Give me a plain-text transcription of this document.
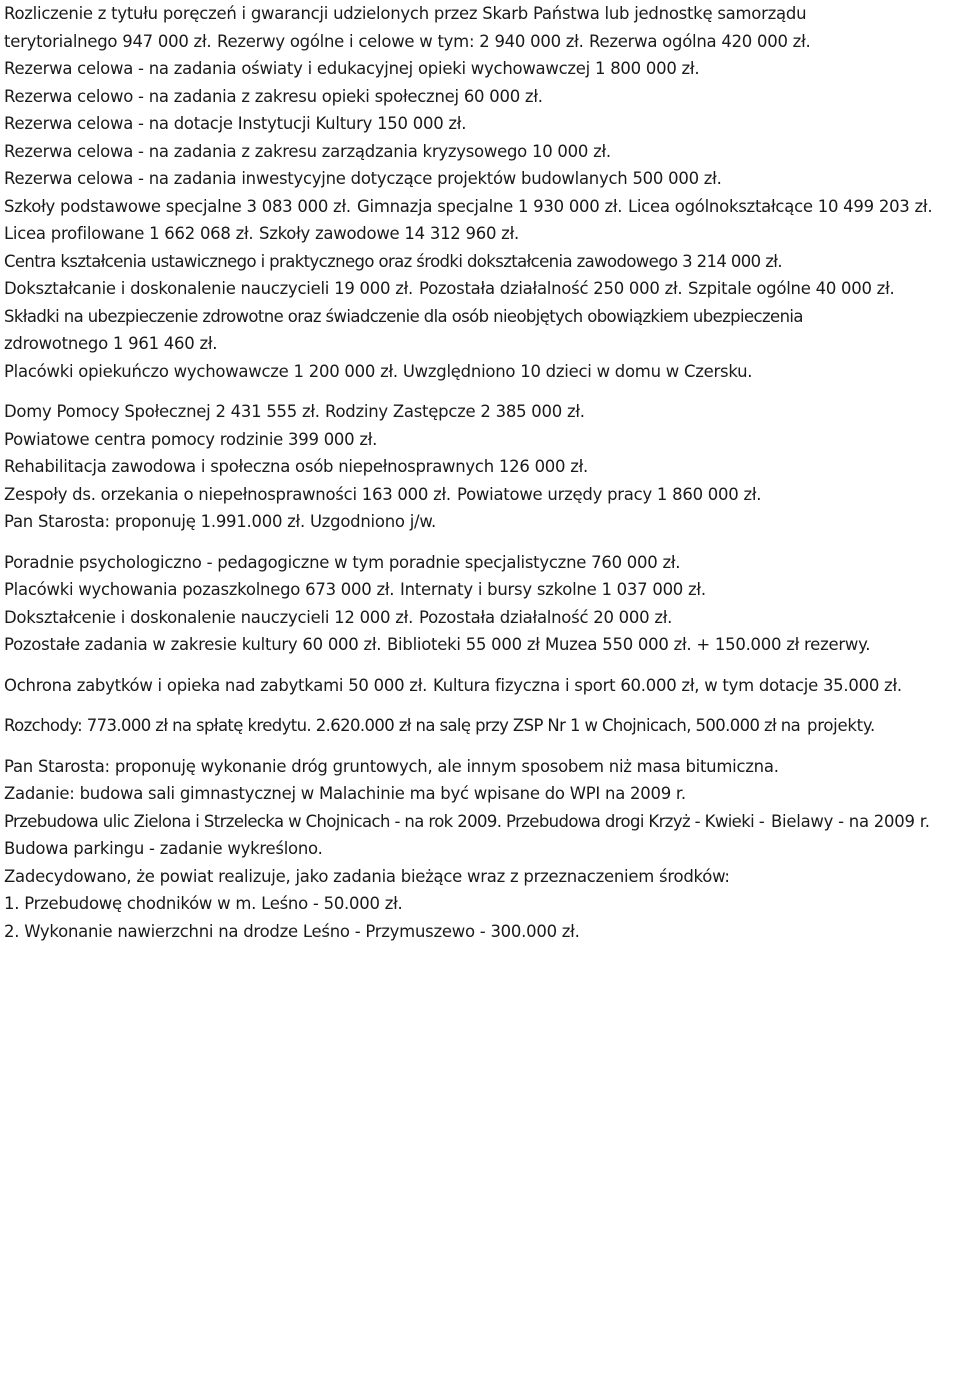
Rozliczenie z tytułu poręczeń i gwarancji udzielonych przez Skarb Państwa lub jednostkę samorządu terytorialnego 947 000 zł. Rezerwy ogólne i celowe w tym: 2 940 000 zł. Rezerwa ogólna 420 000 zł. Rezerwa celowa - na zadania oświaty i edukacyjnej opieki wychowawczej 1 800 000 zł. Rezerwa celowo - na zadania z zakresu opieki społecznej 60 000 zł. Rezerwa celowa - na dotacje Instytucji Kultury 150 000 zł. Rezerwa celowa - na zadania z zakresu zarządzania kryzysowego 10 000 zł. Rezerwa celowa - na zadania inwestycyjne dotyczące projektów budowlanych 500 000 zł. Szkoły podstawowe specjalne 3 083 000 zł. Gimnazja specjalne 1 930 000 zł. Licea ogólnokształcące 10 499 203 zł. Licea profilowane 1 662 068 zł. Szkoły zawodowe 14 312 960 zł. Centra kształcenia ustawicznego i praktycznego oraz środki dokształcenia zawodowego 3 214 000 zł. Dokształcanie i doskonalenie nauczycieli 19 000 zł. Pozostała działalność 250 000 zł. Szpitale ogólne 40 000 zł. Składki na ubezpieczenie zdrowotne oraz świadczenie dla osób nieobjętych obowiązkiem ubezpieczenia zdrowotnego 1 961 460 zł. Placówki opiekuńczo wychowawcze 1 200 000 zł. Uwzględniono 10 dzieci w domu w Czersku.
Domy Pomocy Społecznej 2 431 555 zł. Rodziny Zastępcze 2 385 000 zł. Powiatowe centra pomocy rodzinie 399 000 zł. Rehabilitacja zawodowa i społeczna osób niepełnosprawnych 126 000 zł. Zespoły ds. orzekania o niepełnosprawności 163 000 zł. Powiatowe urzędy pracy 1 860 000 zł. Pan Starosta: proponuję 1.991.000 zł. Uzgodniono j/w.
Poradnie psychologiczno - pedagogiczne w tym poradnie specjalistyczne 760 000 zł. Placówki wychowania pozaszkolnego 673 000 zł. Internaty i bursy szkolne 1 037 000 zł. Dokształcenie i doskonalenie nauczycieli 12 000 zł. Pozostała działalność 20 000 zł. Pozostałe zadania w zakresie kultury 60 000 zł. Biblioteki 55 000 zł Muzea 550 000 zł. + 150.000 zł rezerwy.
Ochrona zabytków i opieka nad zabytkami 50 000 zł. Kultura fizyczna i sport 60.000 zł, w tym dotacje 35.000 zł.
Rozchody: 773.000 zł na spłatę kredytu. 2.620.000 zł na salę przy ZSP Nr 1 w Chojnicach, 500.000 zł na projekty.
Pan Starosta: proponuję wykonanie dróg gruntowych, ale innym sposobem niż masa bitumiczna. Zadanie: budowa sali gimnastycznej w Malachinie ma być wpisane do WPI na 2009 r. Przebudowa ulic Zielona i Strzelecka w Chojnicach - na rok 2009. Przebudowa drogi Krzyż - Kwieki - Bielawy - na 2009 r. Budowa parkingu - zadanie wykreślono. Zadecydowano, że powiat realizuje, jako zadania bieżące wraz z przeznaczeniem środków: 1. Przebudowę chodników w m. Leśno - 50.000 zł. 2. Wykonanie nawierzchni na drodze Leśno - Przymuszewo - 300.000 zł.
